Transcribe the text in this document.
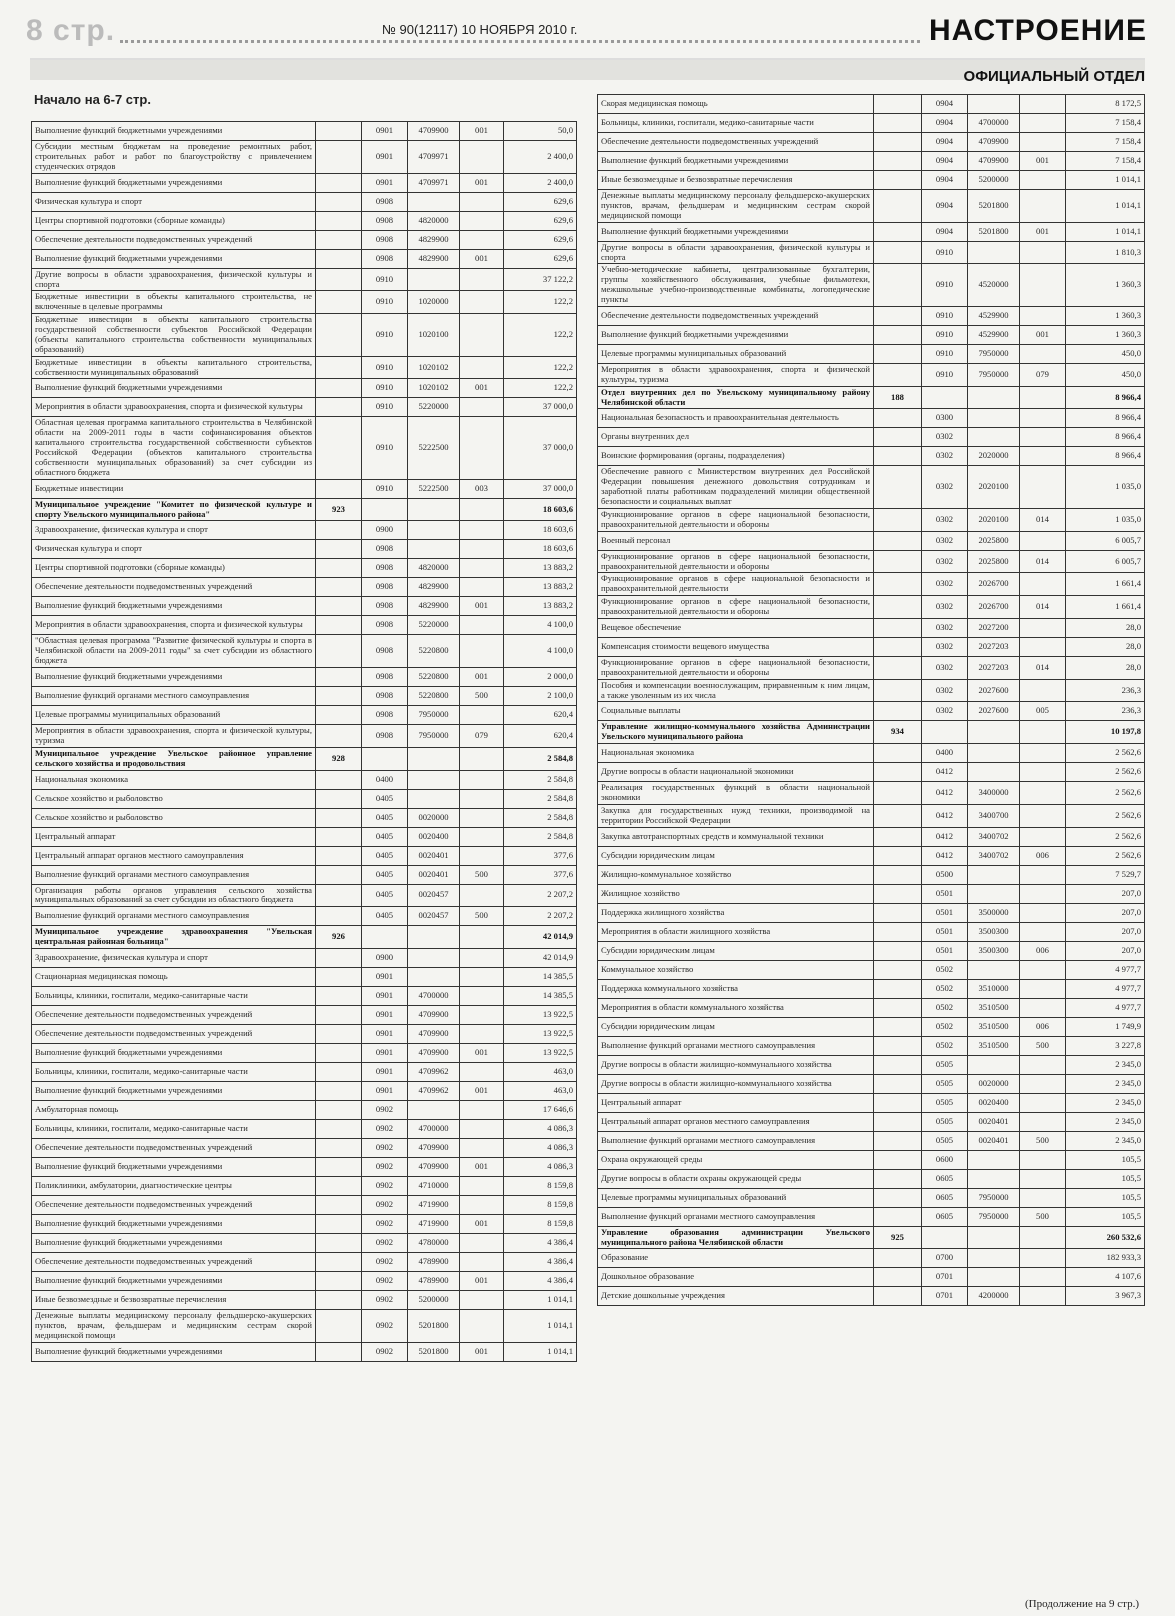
8 стр.	№ 90(12117) 10 НОЯБРЯ 2010 г.	НАСТРОЕНИЕ
ОФИЦИАЛЬНЫЙ ОТДЕЛ
Начало на 6-7 стр.
Выполнение функций бюджетными учреждениями		0901	4709900	001	50,0
Субсидии местным бюджетам на проведение ремонтных работ, строительных работ и работ по благоустройству с привлечением студенческих отрядов		0901	4709971		2 400,0
Выполнение функций бюджетными учреждениями		0901	4709971	001	2 400,0
Физическая культура и спорт		0908			629,6
Центры спортивной подготовки (сборные команды)		0908	4820000		629,6
Обеспечение деятельности подведомственных учреждений		0908	4829900		629,6
Выполнение функций бюджетными учреждениями		0908	4829900	001	629,6
Другие вопросы в области здравоохранения, физической культуры и спорта		0910			37 122,2
Бюджетные инвестиции в объекты капитального строительства, не включенные в целевые программы		0910	1020000		122,2
Бюджетные инвестиции в объекты капитального строительства государственной собственности субъектов Российской Федерации (объекты капитального строительства собственности муниципальных образований)		0910	1020100		122,2
Бюджетные инвестиции в объекты капитального строительства, собственности муниципальных образований		0910	1020102		122,2
Выполнение функций бюджетными учреждениями		0910	1020102	001	122,2
Мероприятия в области здравоохранения, спорта и физической культуры		0910	5220000		37 000,0
Областная целевая программа капитального строительства в Челябинской области на 2009-2011 годы в части софинансирования объектов капитального строительства государственной собственности субъектов Российской Федерации (объектов капитального строительства собственности муниципальных образований) за счет субсидии из областного бюджета		0910	5222500		37 000,0
Бюджетные инвестиции		0910	5222500	003	37 000,0
Муниципальное учреждение "Комитет по физической культуре и спорту Увельского муниципального района"	923				18 603,6
Здравоохранение, физическая культура и спорт		0900			18 603,6
Физическая культура и спорт		0908			18 603,6
Центры спортивной подготовки (сборные команды)		0908	4820000		13 883,2
Обеспечение деятельности подведомственных учреждений		0908	4829900		13 883,2
Выполнение функций бюджетными учреждениями		0908	4829900	001	13 883,2
Мероприятия в области здравоохранения, спорта и физической культуры		0908	5220000		4 100,0
"Областная целевая программа "Развитие физической культуры и спорта в Челябинской области на 2009-2011 годы" за счет субсидии из областного бюджета		0908	5220800		4 100,0
Выполнение функций бюджетными учреждениями		0908	5220800	001	2 000,0
Выполнение функций органами местного самоуправления		0908	5220800	500	2 100,0
Целевые программы муниципальных образований		0908	7950000		620,4
Мероприятия в области здравоохранения, спорта и физической культуры, туризма		0908	7950000	079	620,4
Муниципальное учреждение Увельское районное управление сельского хозяйства и продовольствия	928				2 584,8
Национальная экономика		0400			2 584,8
Сельское хозяйство и рыболовство		0405			2 584,8
Сельское хозяйство и рыболовство		0405	0020000		2 584,8
Центральный аппарат		0405	0020400		2 584,8
Центральный аппарат органов местного самоуправления		0405	0020401		377,6
Выполнение функций органами местного самоуправления		0405	0020401	500	377,6
Организация работы органов управления сельского хозяйства муниципальных образований за счет субсидии из областного бюджета		0405	0020457		2 207,2
Выполнение функций органами местного самоуправления		0405	0020457	500	2 207,2
Муниципальное учреждение здравоохранения "Увельская центральная районная больница"	926				42 014,9
Здравоохранение, физическая культура и спорт		0900			42 014,9
Стационарная медицинская помощь		0901			14 385,5
Больницы, клиники, госпитали, медико-санитарные части		0901	4700000		14 385,5
Обеспечение деятельности подведомственных учреждений		0901	4709900		13 922,5
Обеспечение деятельности подведомственных учреждений		0901	4709900		13 922,5
Выполнение функций бюджетными учреждениями		0901	4709900	001	13 922,5
Больницы, клиники, госпитали, медико-санитарные части		0901	4709962		463,0
Выполнение функций бюджетными учреждениями		0901	4709962	001	463,0
Амбулаторная помощь		0902			17 646,6
Больницы, клиники, госпитали, медико-санитарные части		0902	4700000		4 086,3
Обеспечение деятельности подведомственных учреждений		0902	4709900		4 086,3
Выполнение функций бюджетными учреждениями		0902	4709900	001	4 086,3
Поликлиники, амбулатории, диагностические центры		0902	4710000		8 159,8
Обеспечение деятельности подведомственных учреждений		0902	4719900		8 159,8
Выполнение функций бюджетными учреждениями		0902	4719900	001	8 159,8
Выполнение функций бюджетными учреждениями		0902	4780000		4 386,4
Обеспечение деятельности подведомственных учреждений		0902	4789900		4 386,4
Выполнение функций бюджетными учреждениями		0902	4789900	001	4 386,4
Иные безвозмездные и безвозвратные перечисления		0902	5200000		1 014,1
Денежные выплаты медицинскому персоналу фельдшерско-акушерских пунктов, врачам, фельдшерам и медицинским сестрам скорой медицинской помощи		0902	5201800		1 014,1
Выполнение функций бюджетными учреждениями		0902	5201800	001	1 014,1
Скорая медицинская помощь		0904			8 172,5
Больницы, клиники, госпитали, медико-санитарные части		0904	4700000		7 158,4
Обеспечение деятельности подведомственных учреждений		0904	4709900		7 158,4
Выполнение функций бюджетными учреждениями		0904	4709900	001	7 158,4
Иные безвозмездные и безвозвратные перечисления		0904	5200000		1 014,1
Денежные выплаты медицинскому персоналу фельдшерско-акушерских пунктов, врачам, фельдшерам и медицинским сестрам скорой медицинской помощи		0904	5201800		1 014,1
Выполнение функций бюджетными учреждениями		0904	5201800	001	1 014,1
Другие вопросы в области здравоохранения, физической культуры и спорта		0910			1 810,3
Учебно-методические кабинеты, централизованные бухгалтерии, группы хозяйственного обслуживания, учебные фильмотеки, межшкольные учебно-производственные комбинаты, логопедические пункты		0910	4520000		1 360,3
Обеспечение деятельности подведомственных учреждений		0910	4529900		1 360,3
Выполнение функций бюджетными учреждениями		0910	4529900	001	1 360,3
Целевые программы муниципальных образований		0910	7950000		450,0
Мероприятия в области здравоохранения, спорта и физической культуры, туризма		0910	7950000	079	450,0
Отдел внутренних дел по Увельскому муниципальному району Челябинской области	188				8 966,4
Национальная безопасность и правоохранительная деятельность		0300			8 966,4
Органы внутренних дел		0302			8 966,4
Воинские формирования (органы, подразделения)		0302	2020000		8 966,4
Обеспечение равного с Министерством внутренних дел Российской Федерации повышения денежного довольствия сотрудникам и заработной платы работникам подразделений милиции общественной безопасности и социальных выплат		0302	2020100		1 035,0
Функционирование органов в сфере национальной безопасности, правоохранительной деятельности и обороны		0302	2020100	014	1 035,0
Военный персонал		0302	2025800		6 005,7
Функционирование органов в сфере национальной безопасности, правоохранительной деятельности и обороны		0302	2025800	014	6 005,7
Функционирование органов в сфере национальной безопасности и правоохранительной деятельности		0302	2026700		1 661,4
Функционирование органов в сфере национальной безопасности, правоохранительной деятельности и обороны		0302	2026700	014	1 661,4
Вещевое обеспечение		0302	2027200		28,0
Компенсация стоимости вещевого имущества		0302	2027203		28,0
Функционирование органов в сфере национальной безопасности, правоохранительной деятельности и обороны		0302	2027203	014	28,0
Пособия и компенсации военнослужащим, приравненным к ним лицам, а также уволенным из их числа		0302	2027600		236,3
Социальные выплаты		0302	2027600	005	236,3
Управление жилищно-коммунального хозяйства Администрации Увельского муниципального района	934				10 197,8
Национальная экономика		0400			2 562,6
Другие вопросы в области национальной экономики		0412			2 562,6
Реализация государственных функций в области национальной экономики		0412	3400000		2 562,6
Закупка для государственных нужд техники, производимой на территории Российской Федерации		0412	3400700		2 562,6
Закупка автотранспортных средств и коммунальной техники		0412	3400702		2 562,6
Субсидии юридическим лицам		0412	3400702	006	2 562,6
Жилищно-коммунальное хозяйство		0500			7 529,7
Жилищное хозяйство		0501			207,0
Поддержка жилищного хозяйства		0501	3500000		207,0
Мероприятия в области жилищного хозяйства		0501	3500300		207,0
Субсидии юридическим лицам		0501	3500300	006	207,0
Коммунальное хозяйство		0502			4 977,7
Поддержка коммунального хозяйства		0502	3510000		4 977,7
Мероприятия в области коммунального хозяйства		0502	3510500		4 977,7
Субсидии юридическим лицам		0502	3510500	006	1 749,9
Выполнение функций органами местного самоуправления		0502	3510500	500	3 227,8
Другие вопросы в области жилищно-коммунального хозяйства		0505			2 345,0
Другие вопросы в области жилищно-коммунального хозяйства		0505	0020000		2 345,0
Центральный аппарат		0505	0020400		2 345,0
Центральный аппарат органов местного самоуправления		0505	0020401		2 345,0
Выполнение функций органами местного самоуправления		0505	0020401	500	2 345,0
Охрана окружающей среды		0600			105,5
Другие вопросы в области охраны окружающей среды		0605			105,5
Целевые программы муниципальных образований		0605	7950000		105,5
Выполнение функций органами местного самоуправления		0605	7950000	500	105,5
Управление образования администрации Увельского муниципального района Челябинской области	925				260 532,6
Образование		0700			182 933,3
Дошкольное образование		0701			4 107,6
Детские дошкольные учреждения		0701	4200000		3 967,3
(Продолжение на 9 стр.)
